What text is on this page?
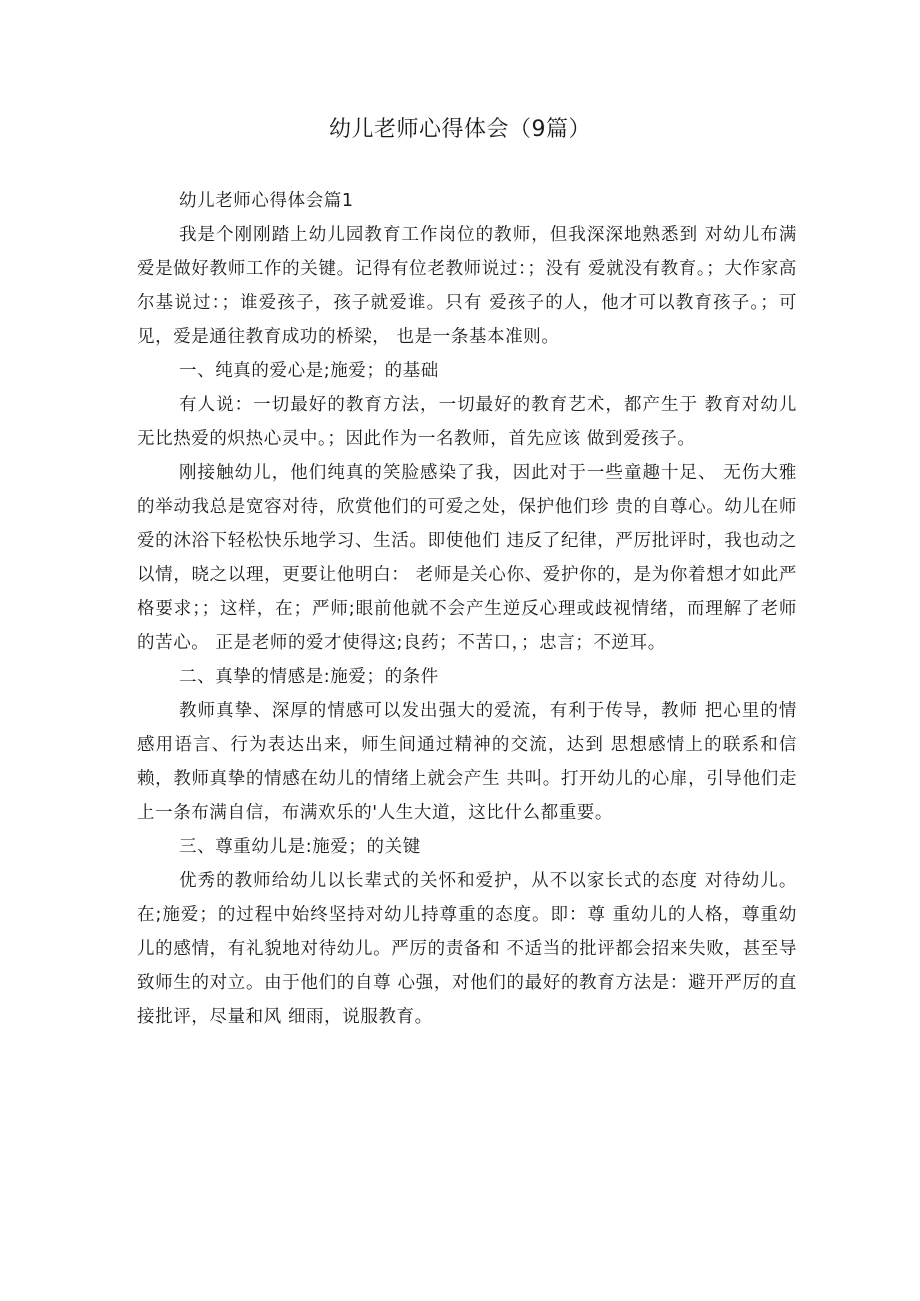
幼儿老师心得体会（9篇）

幼儿老师心得体会篇1

我是个刚刚踏上幼儿园教育工作岗位的教师，但我深深地熟悉到 对幼儿布满爱是做好教师工作的关键。记得有位老教师说过：；没有 爱就没有教育。；大作家高尔基说过：；谁爱孩子，孩子就爱谁。只有 爱孩子的人，他才可以教育孩子。；可见，爱是通往教育成功的桥梁， 也是一条基本准则。

一、纯真的爱心是;施爱；的基础

有人说：一切最好的教育方法，一切最好的教育艺术，都产生于 教育对幼儿无比热爱的炽热心灵中。；因此作为一名教师，首先应该 做到爱孩子。

刚接触幼儿，他们纯真的笑脸感染了我，因此对于一些童趣十足、 无伤大雅的举动我总是宽容对待，欣赏他们的可爱之处，保护他们珍 贵的自尊心。幼儿在师爱的沐浴下轻松快乐地学习、生活。即使他们 违反了纪律，严厉批评时，我也动之以情，晓之以理，更要让他明白： 老师是关心你、爱护你的，是为你着想才如此严格要求；；这样，在；严师;眼前他就不会产生逆反心理或歧视情绪，而理解了老师的苦心。 正是老师的爱才使得这;良药；不苦口，；忠言；不逆耳。

二、真挚的情感是:施爱；的条件

教师真挚、深厚的情感可以发出强大的爱流，有利于传导，教师 把心里的情感用语言、行为表达出来，师生间通过精神的交流，达到 思想感情上的联系和信赖，教师真挚的情感在幼儿的情绪上就会产生 共叫。打开幼儿的心扉，引导他们走上一条布满自信，布满欢乐的'人生大道，这比什么都重要。

三、尊重幼儿是:施爱；的关键

优秀的教师给幼儿以长辈式的关怀和爱护，从不以家长式的态度 对待幼儿。在;施爱；的过程中始终坚持对幼儿持尊重的态度。即：尊 重幼儿的人格，尊重幼儿的感情，有礼貌地对待幼儿。严厉的责备和 不适当的批评都会招来失败，甚至导致师生的对立。由于他们的自尊 心强，对他们的最好的教育方法是：避开严厉的直接批评，尽量和风 细雨，说服教育。
